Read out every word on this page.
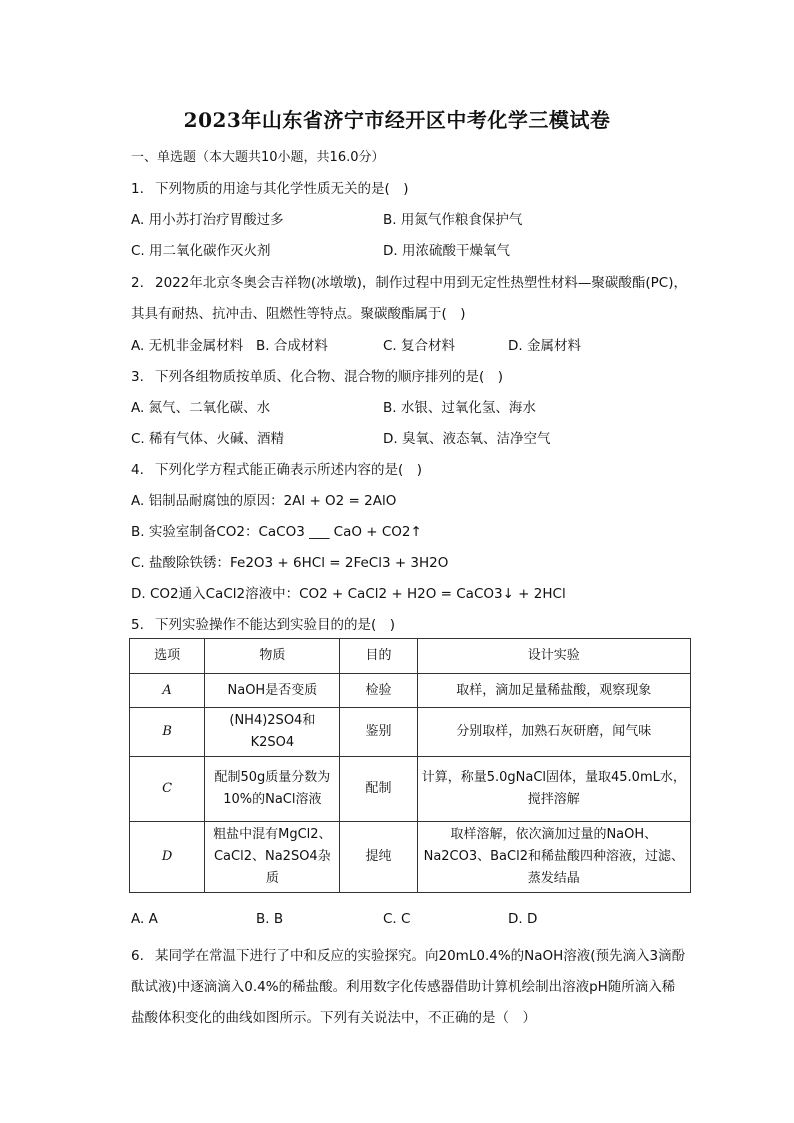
2023年山东省济宁市经开区中考化学三模试卷
一、单选题（本大题共10小题，共16.0分）
1. 下列物质的用途与其化学性质无关的是(　)
A. 用小苏打治疗胃酸过多	B. 用氮气作粮食保护气
C. 用二氧化碳作灭火剂	D. 用浓硫酸干燥氧气
2. 2022年北京冬奥会吉祥物(冰墩墩)，制作过程中用到无定性热塑性材料—聚碳酸酯(PC)，
其具有耐热、抗冲击、阻燃性等特点。聚碳酸酯属于(　)
A. 无机非金属材料 B. 合成材料	C. 复合材料	D. 金属材料
3. 下列各组物质按单质、化合物、混合物的顺序排列的是(　)
A. 氮气、二氧化碳、水	B. 水银、过氧化氢、海水
C. 稀有气体、火碱、酒精	D. 臭氧、液态氧、洁净空气
4. 下列化学方程式能正确表示所述内容的是(　)
A. 铝制品耐腐蚀的原因：2Al + O2 = 2AlO
B. 实验室制备CO2：CaCO3 ___ CaO + CO2↑
C. 盐酸除铁锈：Fe2O3 + 6HCl = 2FeCl3 + 3H2O
D. CO2通入CaCl2溶液中：CO2 + CaCl2 + H2O = CaCO3↓ + 2HCl
5. 下列实验操作不能达到实验目的的是(　)
选项	物质	目的	设计实验
A	NaOH是否变质	检验	取样，滴加足量稀盐酸，观察现象
B	(NH4)2SO4和K2SO4	鉴别	分别取样，加熟石灰研磨，闻气味
C	配制50g质量分数为10%的NaCl溶液	配制	计算，称量5.0gNaCl固体，量取45.0mL水，搅拌溶解
D	粗盐中混有MgCl2、CaCl2、Na2SO4杂质	提纯	取样溶解，依次滴加过量的NaOH、Na2CO3、BaCl2和稀盐酸四种溶液，过滤、蒸发结晶
A. A	B. B	C. C	D. D
6. 某同学在常温下进行了中和反应的实验探究。向20mL0.4%的NaOH溶液(预先滴入3滴酚
酞试液)中逐滴滴入0.4%的稀盐酸。利用数字化传感器借助计算机绘制出溶液pH随所滴入稀
盐酸体积变化的曲线如图所示。下列有关说法中，不正确的是（　）
